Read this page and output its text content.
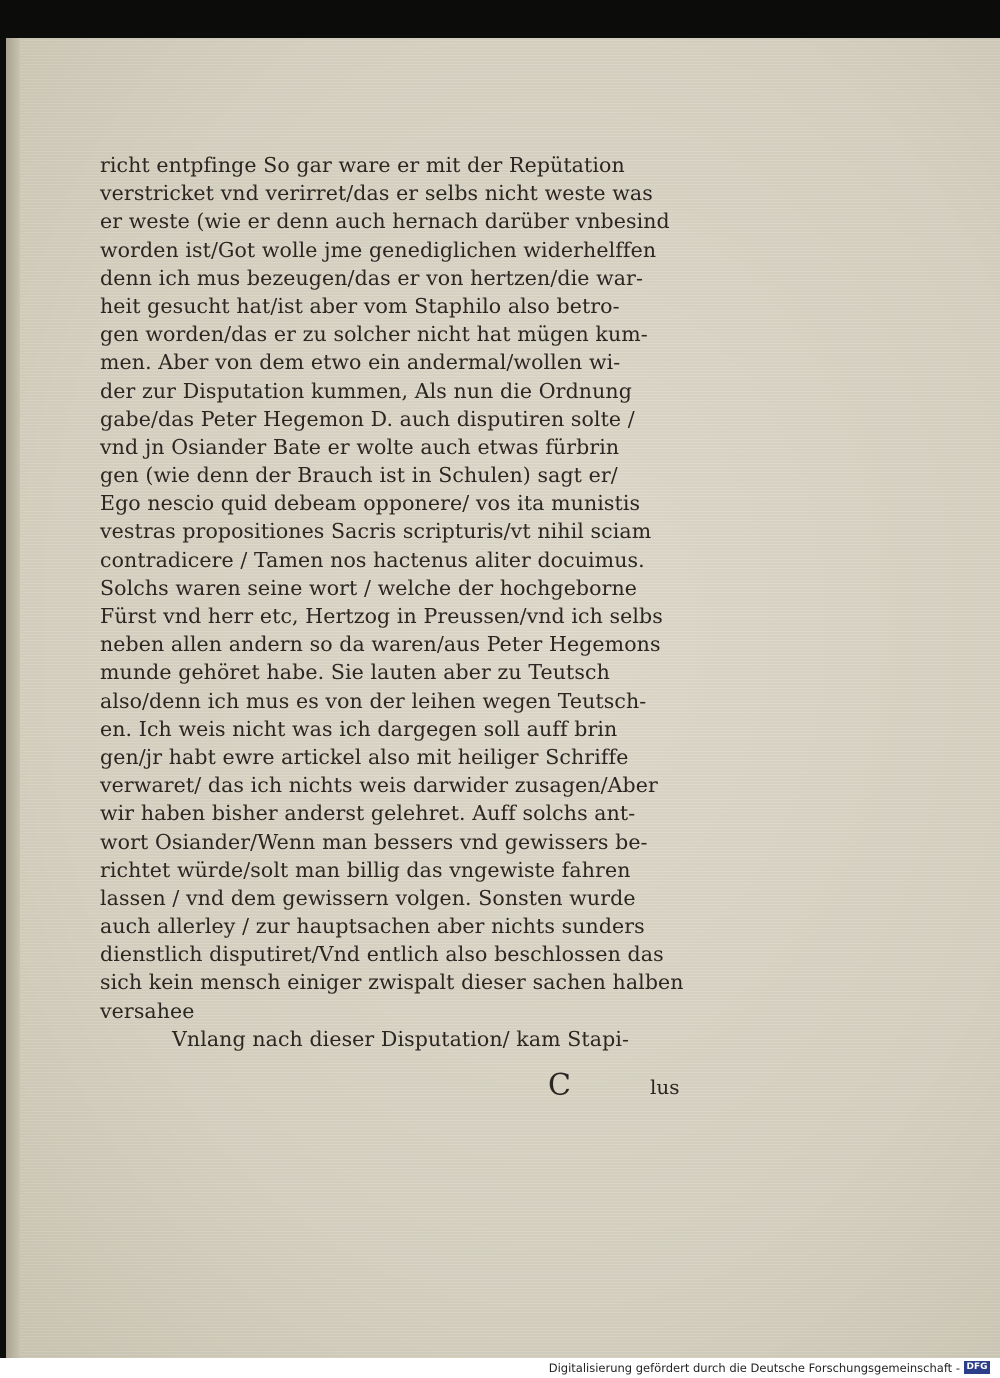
richt entpfinge So gar ware er mit der Repütation
verstricket vnd verirret/das er selbs nicht weste was
er weste (wie er denn auch hernach darüber vnbesind
worden ist/Got wolle jme genediglichen widerhelffen
denn ich mus bezeugen/das er von hertzen/die war-
heit gesucht hat/ist aber vom Staphilo also betro-
gen worden/das er zu solcher nicht hat mügen kum-
men. Aber von dem etwo ein andermal/wollen wi-
der zur Disputation kummen, Als nun die Ordnung
gabe/das Peter Hegemon D. auch disputiren solte /
vnd jn Osiander Bate er wolte auch etwas fürbrin
gen (wie denn der Brauch ist in Schulen) sagt er/
Ego nescio quid debeam opponere/ vos ita munistis
vestras propositiones Sacris scripturis/vt nihil sciam
contradicere / Tamen nos hactenus aliter docuimus.
Solchs waren seine wort / welche der hochgeborne
Fürst vnd herr etc, Hertzog in Preussen/vnd ich selbs
neben allen andern so da waren/aus Peter Hegemons
munde gehöret habe. Sie lauten aber zu Teutsch
also/denn ich mus es von der leihen wegen Teutsch-
en. Ich weis nicht was ich dargegen soll auff brin
gen/jr habt ewre artickel also mit heiliger Schriffe
verwaret/ das ich nichts weis darwider zusagen/Aber
wir haben bisher anderst gelehret. Auff solchs ant-
wort Osiander/Wenn man bessers vnd gewissers be-
richtet würde/solt man billig das vngewiste fahren
lassen / vnd dem gewissern volgen. Sonsten wurde
auch allerley / zur hauptsachen aber nichts sunders
dienstlich disputiret/Vnd entlich also beschlossen das
sich kein mensch einiger zwispalt dieser sachen halben
versahee
Vnlang nach dieser Disputation/ kam Stapi-
C	lus
Digitalisierung gefördert durch die Deutsche Forschungsgemeinschaft - DFG
